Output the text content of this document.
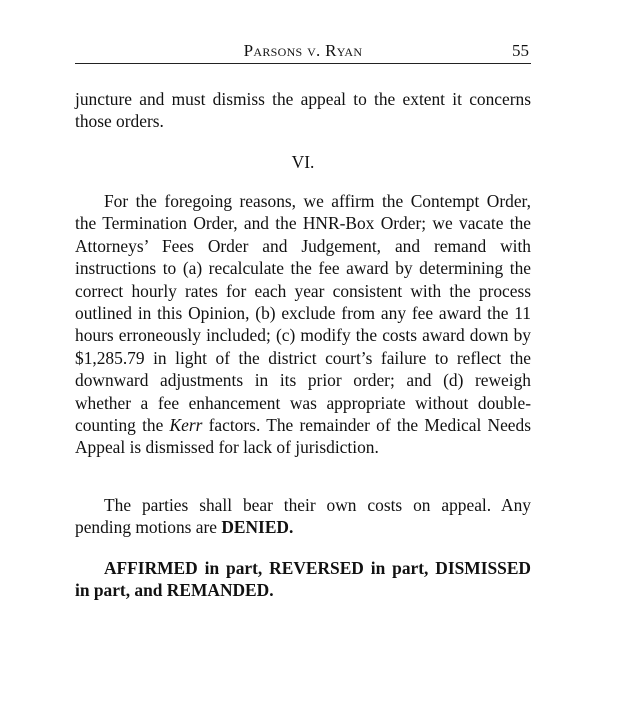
Parsons v. Ryan	55

juncture and must dismiss the appeal to the extent it concerns those orders.

VI.

For the foregoing reasons, we affirm the Contempt Order, the Termination Order, and the HNR-Box Order; we vacate the Attorneys’ Fees Order and Judgement, and remand with instructions to (a) recalculate the fee award by determining the correct hourly rates for each year consistent with the process outlined in this Opinion, (b) exclude from any fee award the 11 hours erroneously included; (c) modify the costs award down by $1,285.79 in light of the district court’s failure to reflect the downward adjustments in its prior order; and (d) reweigh whether a fee enhancement was appropriate without double-counting the Kerr factors. The remainder of the Medical Needs Appeal is dismissed for lack of jurisdiction.

The parties shall bear their own costs on appeal. Any pending motions are DENIED.

AFFIRMED in part, REVERSED in part, DISMISSED in part, and REMANDED.
